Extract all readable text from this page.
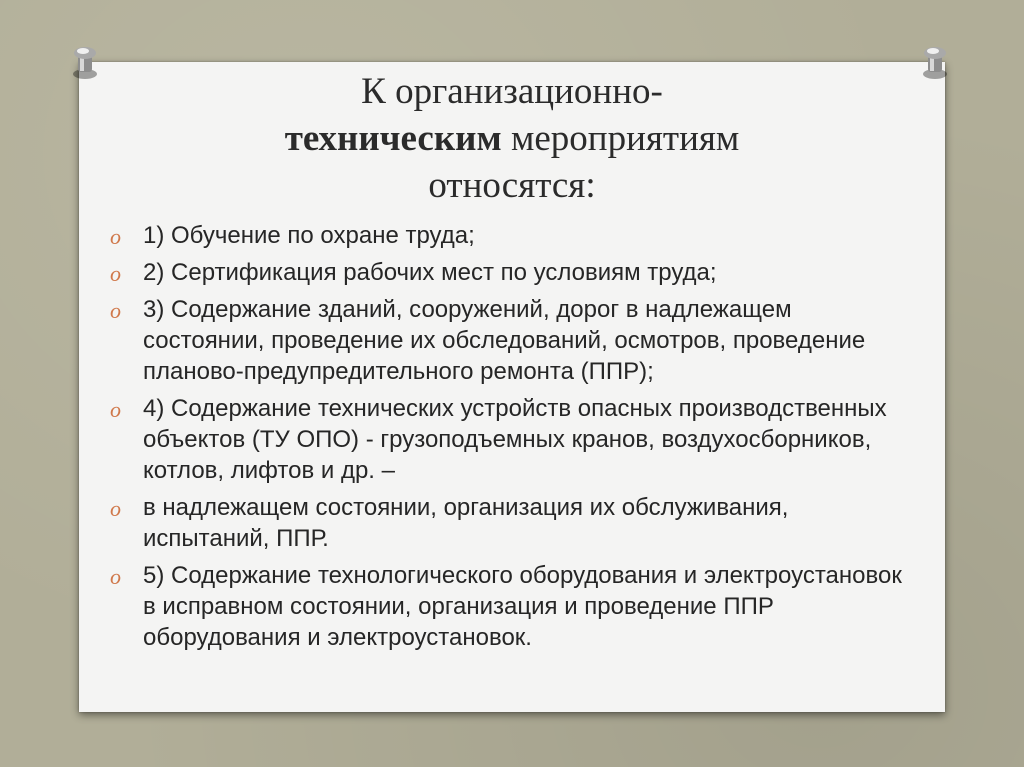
К организационно-
техническим мероприятиям
относятся:
o 1) Обучение по охране труда;
o 2) Сертификация рабочих мест по условиям труда;
o 3) Содержание зданий, сооружений, дорог в надлежащем состоянии, проведение их обследований, осмотров, проведение планово-предупредительного ремонта (ППР);
o 4) Содержание технических устройств опасных производственных объектов (ТУ ОПО) - грузоподъемных кранов, воздухосборников, котлов, лифтов и др. –
o в надлежащем состоянии, организация их обслуживания, испытаний, ППР.
o 5) Содержание технологического оборудования и электроустановок в исправном состоянии, организация и проведение ППР оборудования и электроустановок.
